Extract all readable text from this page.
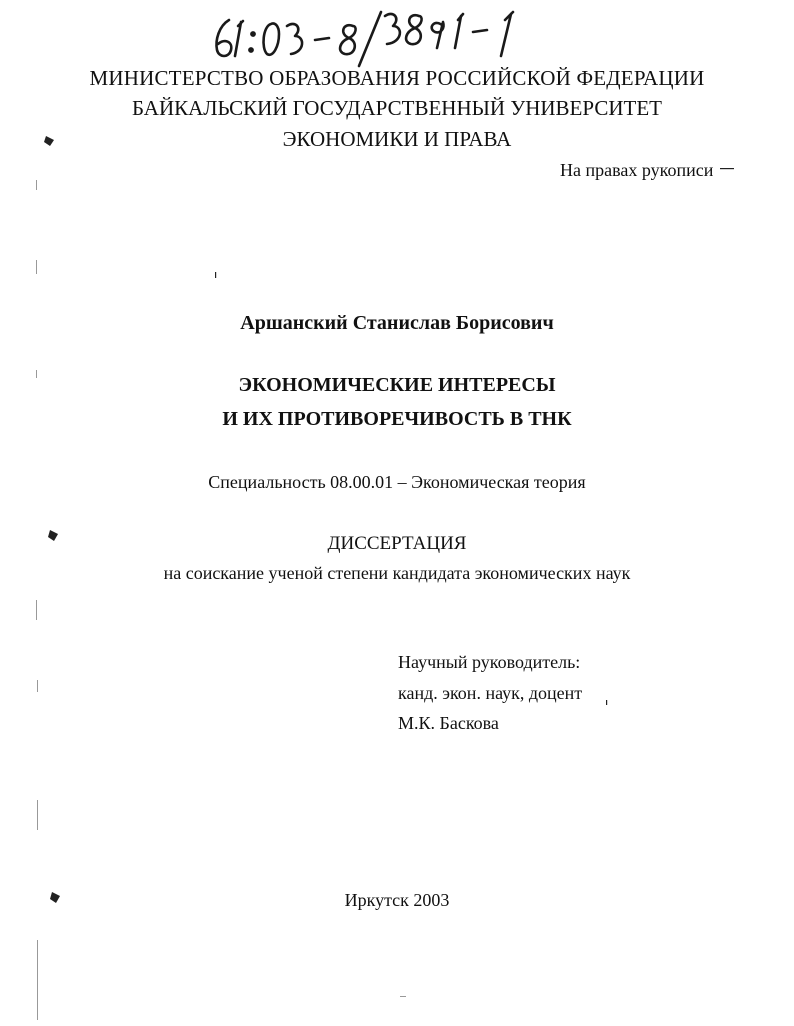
МИНИСТЕРСТВО ОБРАЗОВАНИЯ РОССИЙСКОЙ ФЕДЕРАЦИИ
БАЙКАЛЬСКИЙ ГОСУДАРСТВЕННЫЙ УНИВЕРСИТЕТ
ЭКОНОМИКИ И ПРАВА
На правах рукописи
Аршанский Станислав Борисович
ЭКОНОМИЧЕСКИЕ ИНТЕРЕСЫ
И ИХ ПРОТИВОРЕЧИВОСТЬ В ТНК
Специальность 08.00.01 – Экономическая теория
ДИССЕРТАЦИЯ
на соискание ученой степени кандидата экономических наук
Научный руководитель:
канд. экон. наук, доцент
М.К. Баскова
Иркутск 2003
